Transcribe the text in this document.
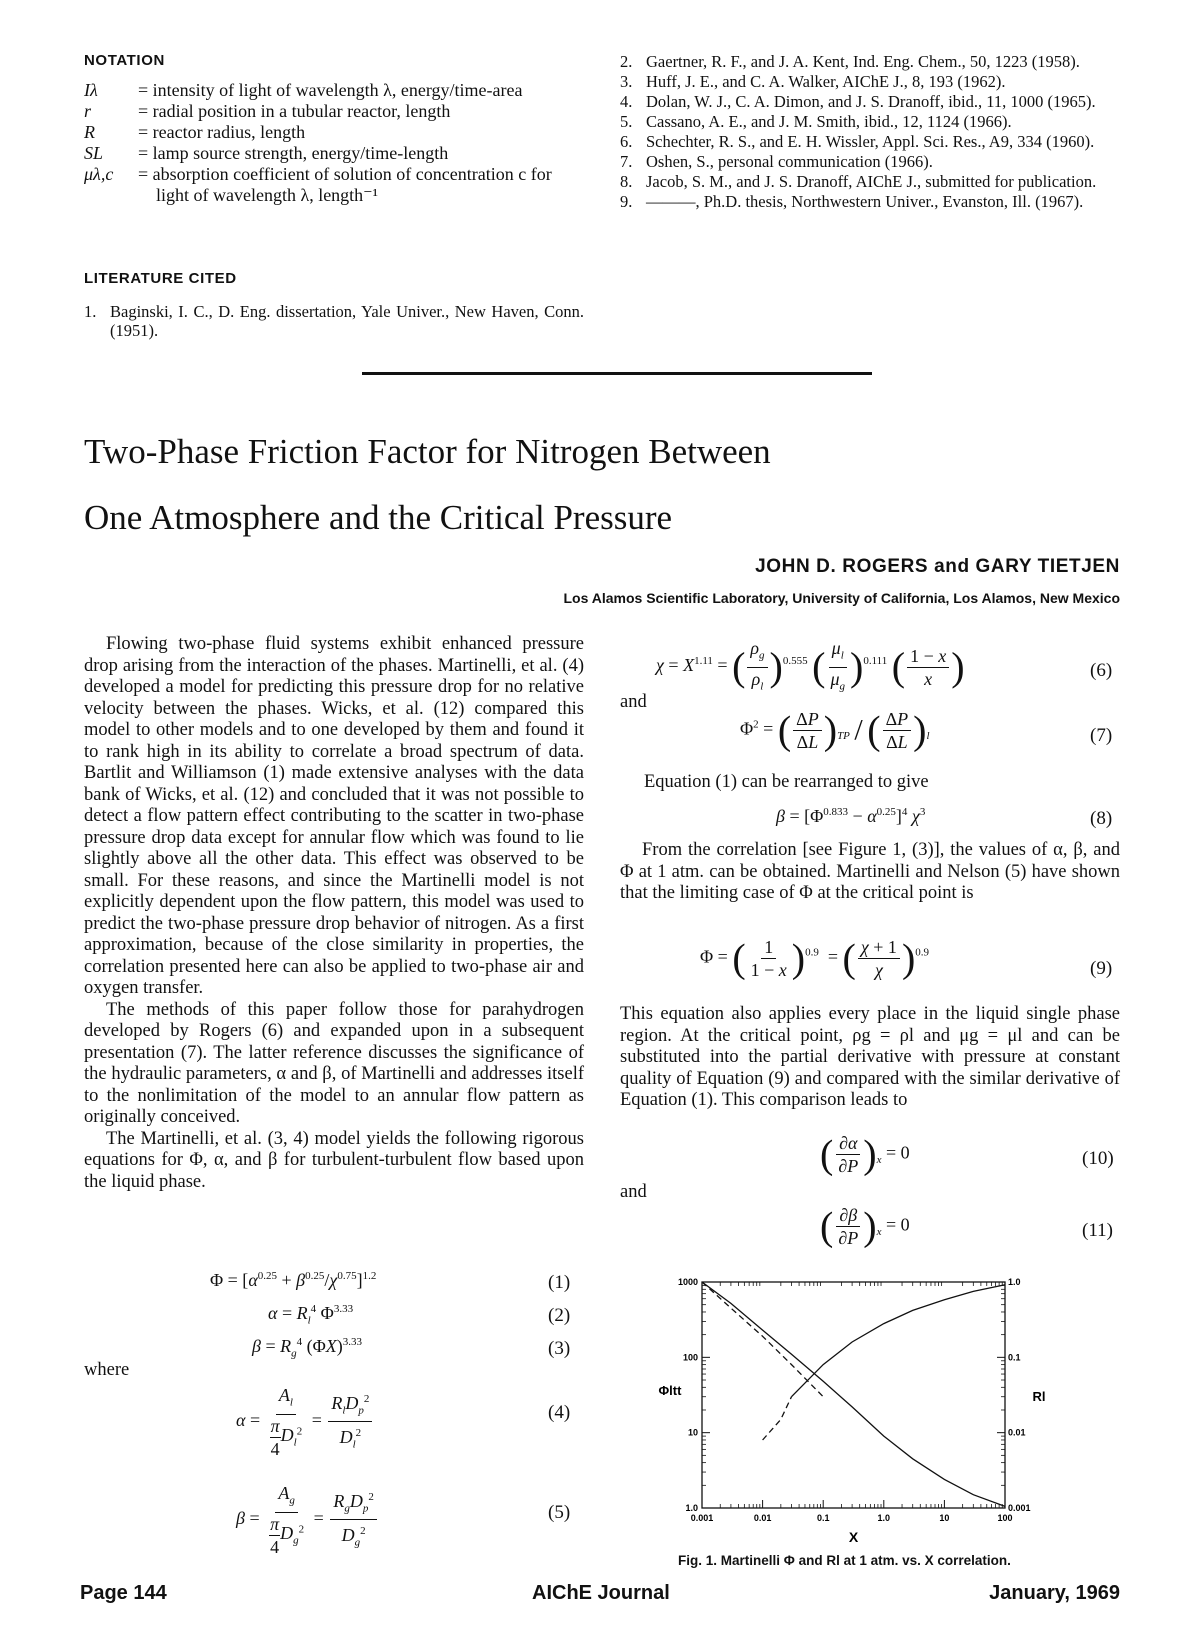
NOTATION
Iλ	= intensity of light of wavelength λ, energy/time-area
r	= radial position in a tubular reactor, length
R	= reactor radius, length
SL	= lamp source strength, energy/time-length
μλ,c	= absorption coefficient of solution of concentration c for light of wavelength λ, length⁻¹
LITERATURE CITED
1. Baginski, I. C., D. Eng. dissertation, Yale Univer., New Haven, Conn. (1951).
2. Gaertner, R. F., and J. A. Kent, Ind. Eng. Chem., 50, 1223 (1958).
3. Huff, J. E., and C. A. Walker, AIChE J., 8, 193 (1962).
4. Dolan, W. J., C. A. Dimon, and J. S. Dranoff, ibid., 11, 1000 (1965).
5. Cassano, A. E., and J. M. Smith, ibid., 12, 1124 (1966).
6. Schechter, R. S., and E. H. Wissler, Appl. Sci. Res., A9, 334 (1960).
7. Oshen, S., personal communication (1966).
8. Jacob, S. M., and J. S. Dranoff, AIChE J., submitted for publication.
9. ———, Ph.D. thesis, Northwestern Univer., Evanston, Ill. (1967).
Two-Phase Friction Factor for Nitrogen Between
One Atmosphere and the Critical Pressure
JOHN D. ROGERS and GARY TIETJEN
Los Alamos Scientific Laboratory, University of California, Los Alamos, New Mexico

Flowing two-phase fluid systems exhibit enhanced pressure drop arising from the interaction of the phases. Martinelli, et al. (4) developed a model for predicting this pressure drop for no relative velocity between the phases. Wicks, et al. (12) compared this model to other models and to one developed by them and found it to rank high in its ability to correlate a broad spectrum of data. Bartlit and Williamson (1) made extensive analyses with the data bank of Wicks, et al. (12) and concluded that it was not possible to detect a flow pattern effect contributing to the scatter in two-phase pressure drop data except for annular flow which was found to lie slightly above all the other data. This effect was observed to be small. For these reasons, and since the Martinelli model is not explicitly dependent upon the flow pattern, this model was used to predict the two-phase pressure drop behavior of nitrogen. As a first approximation, because of the close similarity in properties, the correlation presented here can also be applied to two-phase air and oxygen transfer.

The methods of this paper follow those for parahydrogen developed by Rogers (6) and expanded upon in a subsequent presentation (7). The latter reference discusses the significance of the hydraulic parameters, α and β, of Martinelli and addresses itself to the nonlimitation of the model to an annular flow pattern as originally conceived.

The Martinelli, et al. (3, 4) model yields the following rigorous equations for Φ, α, and β for turbulent-turbulent flow based upon the liquid phase.

$\Phi = [\alpha^{0.25} + \beta^{0.25}/\chi^{0.75}]^{1.2}$	(1)
$\alpha = R_l^4$ $\Phi^{3.33}$	(2)
$\beta = R_g^4$ $(\Phi X)^{3.33}$	(3)
where
$\alpha = \frac{A_l}{\frac{\pi}{4} D_l^2} = \frac{R_lD_p^2}{D_l^2}$	(4)
$\beta = \frac{A_g}{\frac{\pi}{4} D_g^2} = \frac{R_gD_p^2}{D_g^2}$	(5)
$\chi = X^{1.11}$ = ( $\frac{\rho_g}{\rho_l} )^{0.555}$ ( $\frac{\mu_l}{\mu_g} )^{0.111}$ ( $\frac{1 - x}{x}$ )	(6)
and
$\Phi^2$ = ( $\frac{\Delta P}{\Delta L} )_{TP}$ / ( $\frac{\Delta P}{\Delta L} )_l$	(7)
Equation (1) can be rearranged to give
$\beta = [\Phi^{0.833} - \alpha^{0.25}]^4$ $\chi^3$	(8)

From the correlation [see Figure 1, (3)], the values of α, β, and Φ at 1 atm. can be obtained. Martinelli and Nelson (5) have shown that the limiting case of Φ at the critical point is

Φ = ( $\frac{1}{1 - x} )^{0.9}$  = ( $\frac{\chi + 1}{\chi} )^{0.9}$
(9)

This equation also applies every place in the liquid single phase region. At the critical point, ρg = ρl and μg = μl and can be substituted into the partial derivative with pressure at constant quality of Equation (9) and compared with the similar derivative of Equation (1). This comparison leads to

( $\frac{\partial\alpha}{\partial P} )_x = 0$	(10)
and
( $\frac{\partial\beta}{\partial P} )_x = 0$	(11)
0.001	0.01	0.1	1.0	10	100
1.0
10
100
1000
0.001
0.01
0.1
1.0
X
Φltt	Rl
Fig. 1. Martinelli Φ and Rl at 1 atm. vs. X correlation.
Page 144	AIChE Journal	January, 1969
